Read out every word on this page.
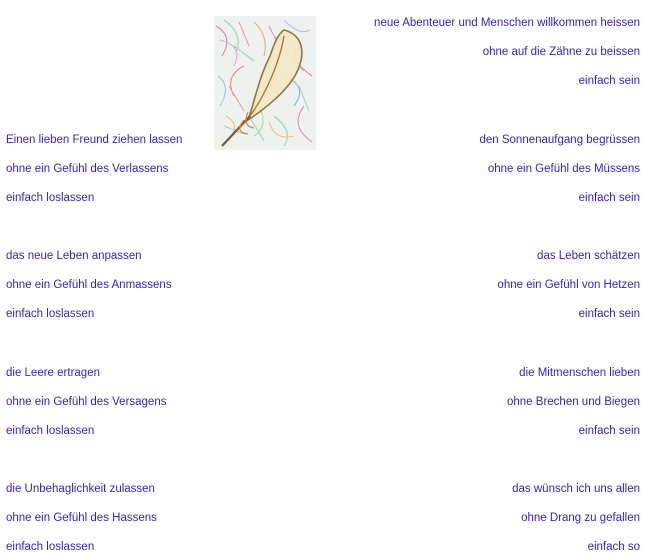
Einen lieben Freund ziehen lassen
ohne ein Gefühl des Verlassens
einfach loslassen
das neue Leben anpassen
ohne ein Gefühl des Anmassens
einfach loslassen
die Leere ertragen
ohne ein Gefühl des Versagens
einfach loslassen
die Unbehaglichkeit zulassen
ohne ein Gefühl des Hassens
einfach loslassen
neue Abenteuer und Menschen willkommen heissen
ohne auf die Zähne zu beissen
einfach sein
den Sonnenaufgang begrüssen
ohne ein Gefühl des Müssens
einfach sein
das Leben schätzen
ohne ein Gefühl von Hetzen
einfach sein
die Mitmenschen lieben
ohne Brechen und Biegen
einfach sein
das wünsch ich uns allen
ohne Drang zu gefallen
einfach so
